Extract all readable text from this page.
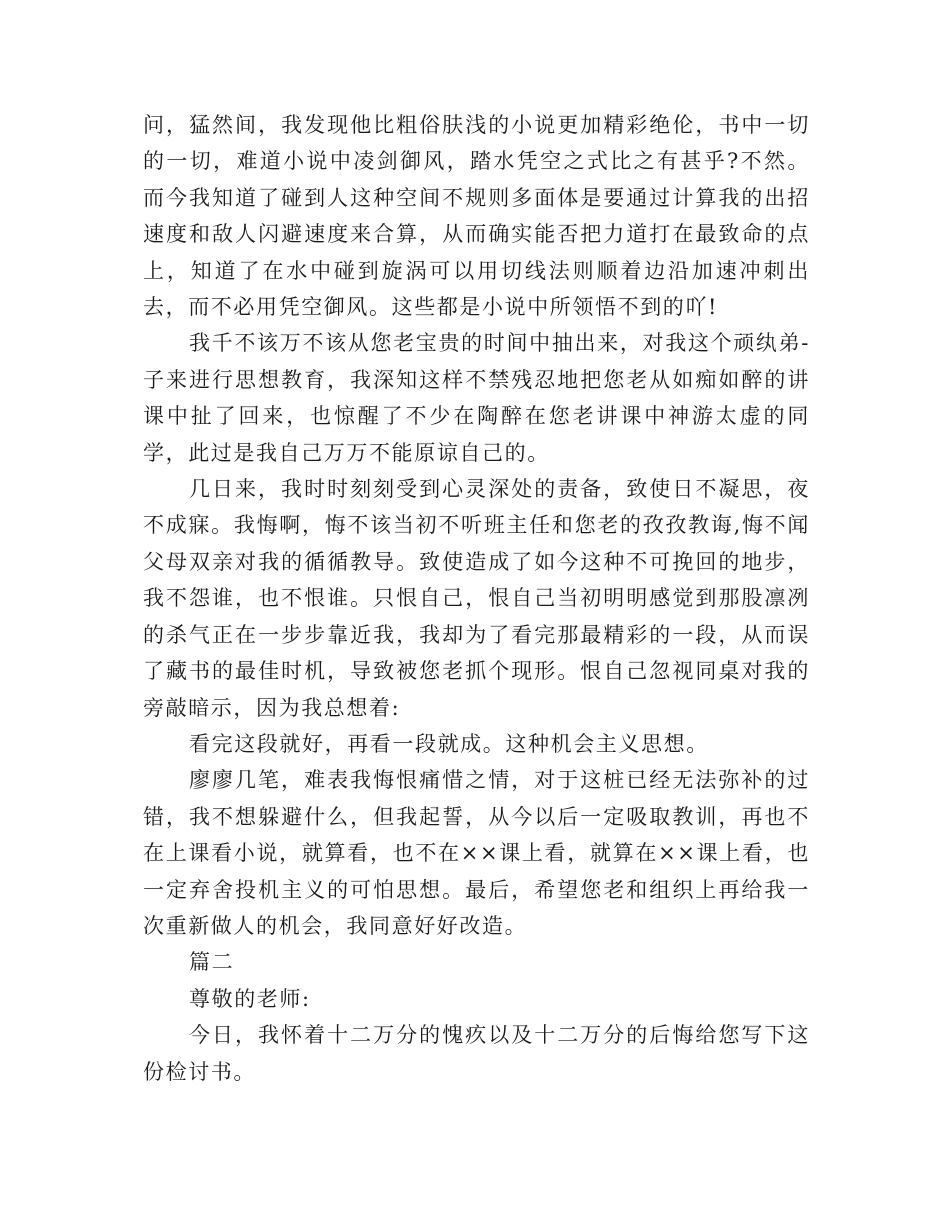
问，猛然间，我发现他比粗俗肤浅的小说更加精彩绝伦，书中一切的一切，难道小说中凌剑御风，踏水凭空之式比之有甚乎?不然。而今我知道了碰到人这种空间不规则多面体是要通过计算我的出招速度和敌人闪避速度来合算，从而确实能否把力道打在最致命的点上，知道了在水中碰到旋涡可以用切线法则顺着边沿加速冲刺出去，而不必用凭空御风。这些都是小说中所领悟不到的吖!

我千不该万不该从您老宝贵的时间中抽出来，对我这个顽纨弟-子来进行思想教育，我深知这样不禁残忍地把您老从如痴如醉的讲课中扯了回来，也惊醒了不少在陶醉在您老讲课中神游太虚的同学，此过是我自己万万不能原谅自己的。

几日来，我时时刻刻受到心灵深处的责备，致使日不凝思，夜不成寐。我悔啊，悔不该当初不听班主任和您老的孜孜教诲,悔不闻父母双亲对我的循循教导。致使造成了如今这种不可挽回的地步，我不怨谁，也不恨谁。只恨自己，恨自己当初明明感觉到那股凛冽的杀气正在一步步靠近我，我却为了看完那最精彩的一段，从而误了藏书的最佳时机，导致被您老抓个现形。恨自己忽视同桌对我的旁敲暗示，因为我总想着:

看完这段就好，再看一段就成。这种机会主义思想。

廖廖几笔，难表我悔恨痛惜之情，对于这桩已经无法弥补的过错，我不想躲避什么，但我起誓，从今以后一定吸取教训，再也不在上课看小说，就算看，也不在××课上看，就算在××课上看，也一定弃舍投机主义的可怕思想。最后，希望您老和组织上再给我一次重新做人的机会，我同意好好改造。

篇二

尊敬的老师:

今日，我怀着十二万分的愧疚以及十二万分的后悔给您写下这份检讨书。
